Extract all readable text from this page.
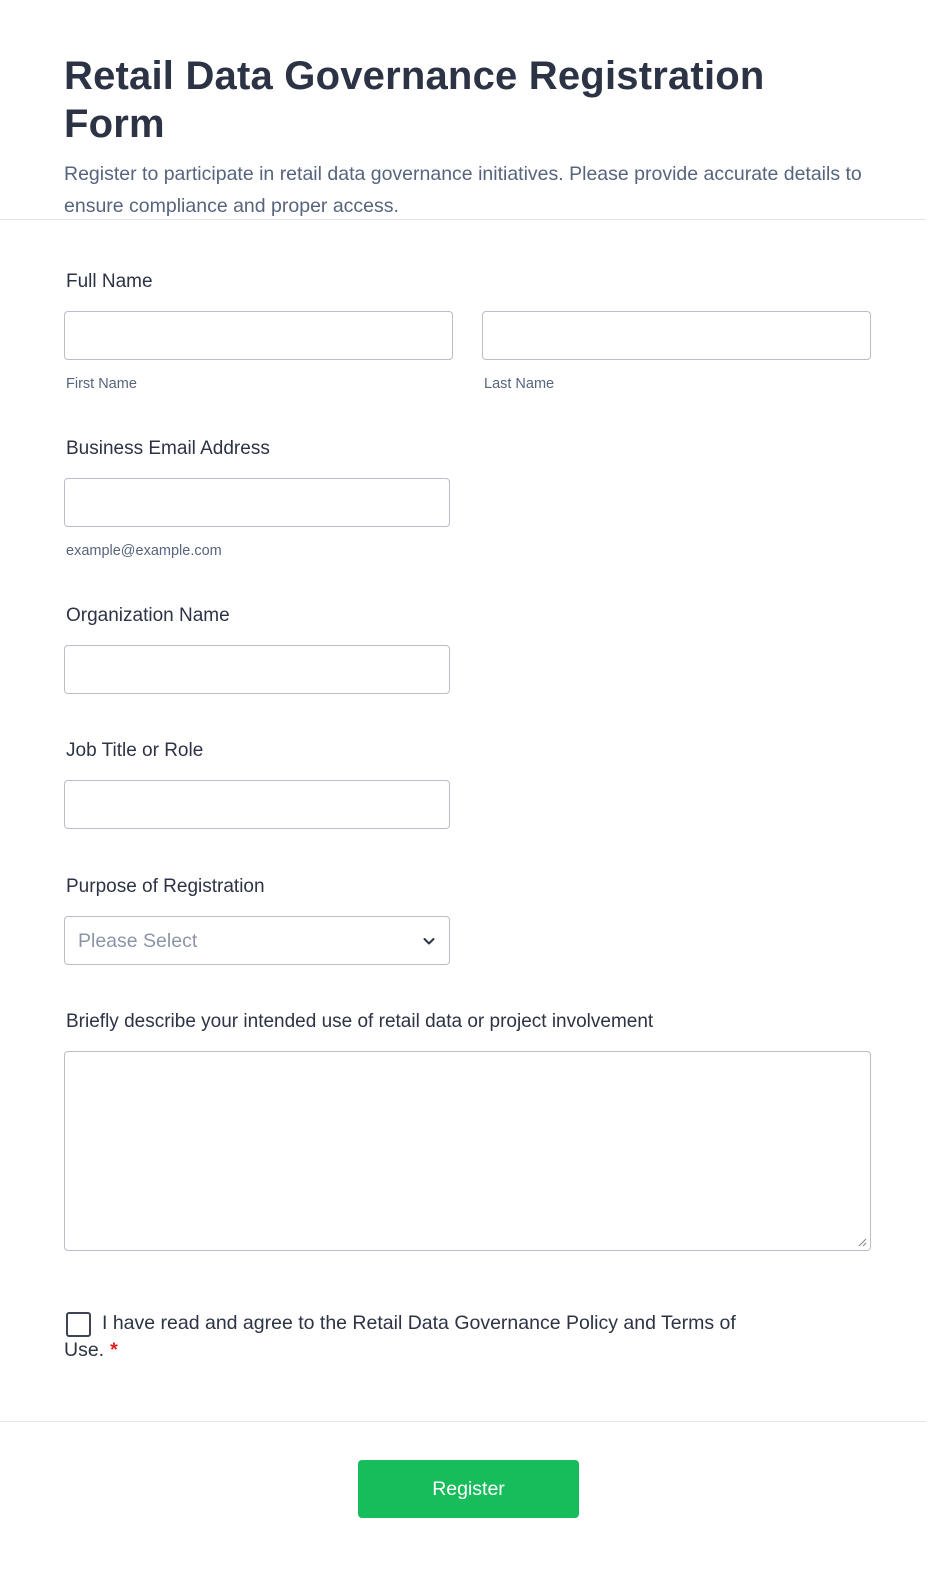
Retail Data Governance Registration Form

Register to participate in retail data governance initiatives. Please provide accurate details to ensure compliance and proper access.

Full Name
First Name	Last Name
Business Email Address
example@example.com
Organization Name
Job Title or Role
Purpose of Registration
Please Select
Briefly describe your intended use of retail data or project involvement
I have read and agree to the Retail Data Governance Policy and Terms of Use. *
Register
